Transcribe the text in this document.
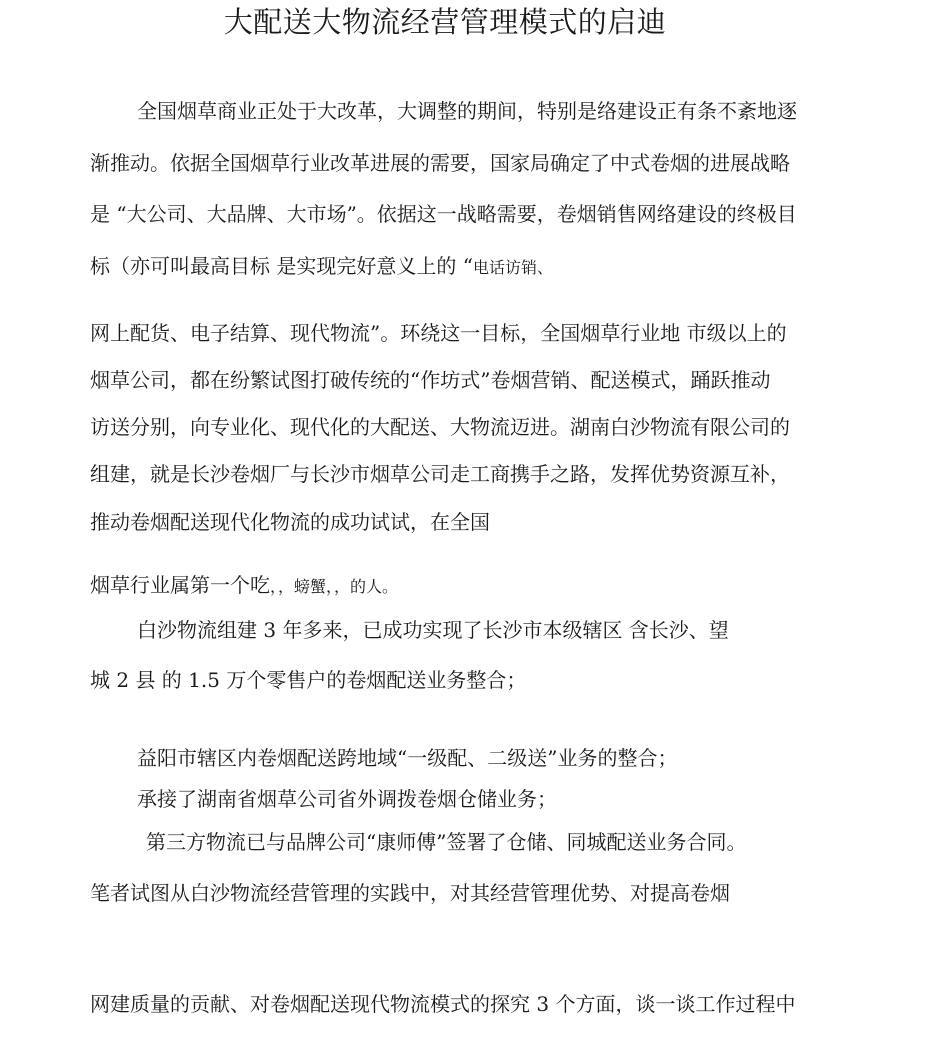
大配送大物流经营管理模式的启迪
全国烟草商业正处于大改革，大调整的期间，特别是络建设正有条不紊地逐
渐推动。依据全国烟草行业改革进展的需要，国家局确定了中式卷烟的进展战略
是 “大公司、大品牌、大市场”。依据这一战略需要，卷烟销售网络建设的终极目
标（亦可叫最高目标 是实现完好意义上的 “电话访销、
网上配货、电子结算、现代物流”。环绕这一目标，全国烟草行业地 市级以上的
烟草公司，都在纷繁试图打破传统的“作坊式”卷烟营销、配送模式，踊跃推动
访送分别，向专业化、现代化的大配送、大物流迈进。湖南白沙物流有限公司的
组建，就是长沙卷烟厂与长沙市烟草公司走工商携手之路，发挥优势资源互补，
推动卷烟配送现代化物流的成功试试，在全国
烟草行业属第一个吃，，螃蟹，，的人。
白沙物流组建 3 年多来，已成功实现了长沙市本级辖区 含长沙、望
城 2 县 的 1.5 万个零售户的卷烟配送业务整合；
益阳市辖区内卷烟配送跨地域“一级配、二级送”业务的整合；
承接了湖南省烟草公司省外调拨卷烟仓储业务；
第三方物流已与品牌公司“康师傅”签署了仓储、同城配送业务合同。
笔者试图从白沙物流经营管理的实践中，对其经营管理优势、对提高卷烟
网建质量的贡献、对卷烟配送现代物流模式的探究 3 个方面，谈一谈工作过程中
